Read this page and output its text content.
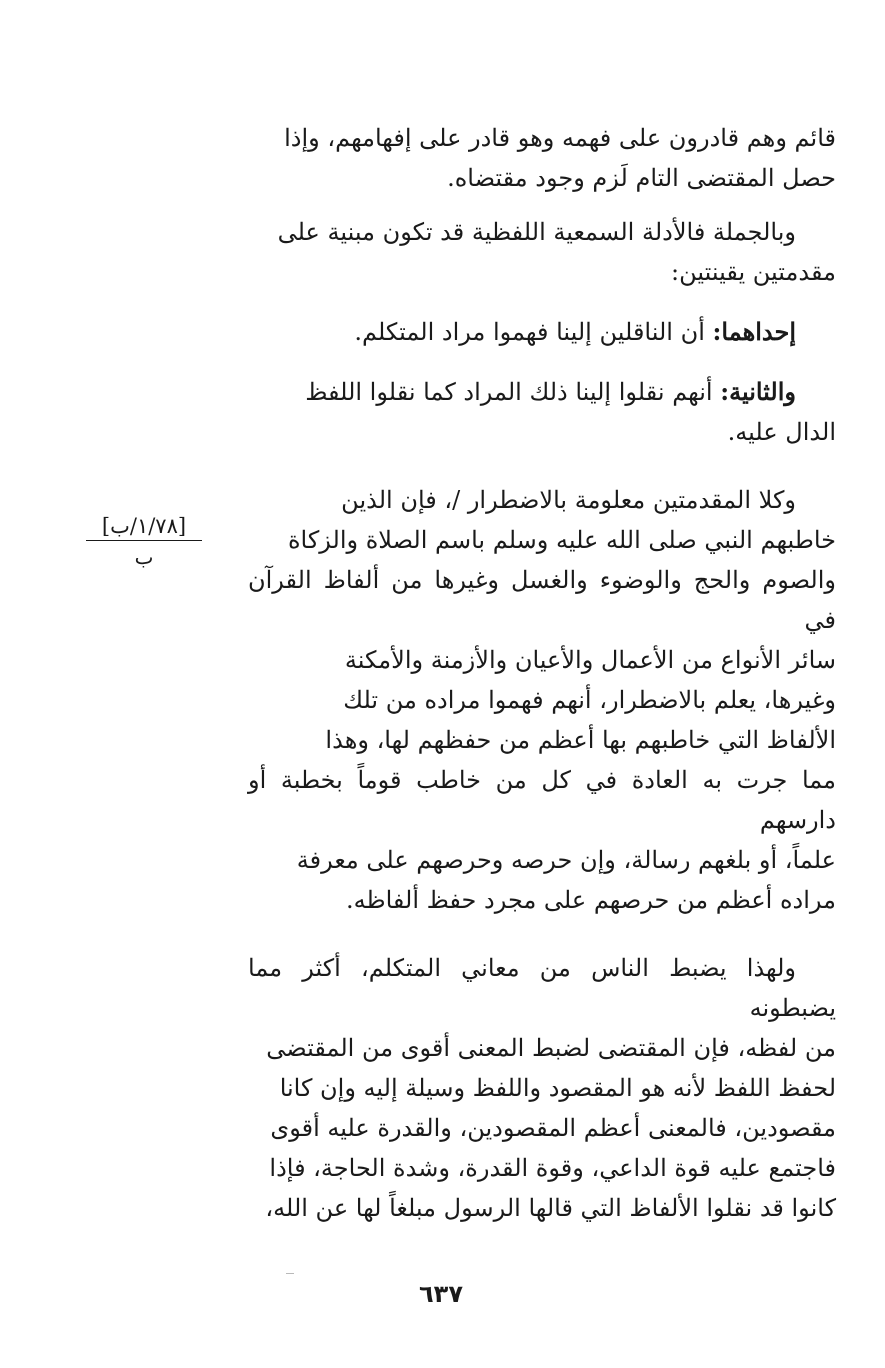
قائم وهم قادرون على فهمه وهو قادر على إفهامهم، وإذا
حصل المقتضى التام لَزم وجود مقتضاه.

وبالجملة فالأدلة السمعية اللفظية قد تكون مبنية على
مقدمتين يقينتين:

إحداهما: أن الناقلين إلينا فهموا مراد المتكلم.

والثانية: أنهم نقلوا إلينا ذلك المراد كما نقلوا اللفظ
الدال عليه.

وكلا المقدمتين معلومة بالاضطرار /، فإن الذين
خاطبهم النبي صلى الله عليه وسلم باسم الصلاة والزكاة
والصوم والحج والوضوء والغسل وغيرها من ألفاظ القرآن في
سائر الأنواع من الأعمال والأعيان والأزمنة والأمكنة
وغيرها، يعلم بالاضطرار، أنهم فهموا مراده من تلك
الألفاظ التي خاطبهم بها أعظم من حفظهم لها، وهذا
مما جرت به العادة في كل من خاطب قوماً بخطبة أو دارسهم
علماً، أو بلغهم رسالة، وإن حرصه وحرصهم على معرفة
مراده أعظم من حرصهم على مجرد حفظ ألفاظه.

ولهذا يضبط الناس من معاني المتكلم، أكثر مما يضبطونه
من لفظه، فإن المقتضى لضبط المعنى أقوى من المقتضى
لحفظ اللفظ لأنه هو المقصود واللفظ وسيلة إليه وإن كانا
مقصودين، فالمعنى أعظم المقصودين، والقدرة عليه أقوى
فاجتمع عليه قوة الداعي، وقوة القدرة، وشدة الحاجة، فإذا
كانوا قد نقلوا الألفاظ التي قالها الرسول مبلغاً لها عن الله،

[١/٧٨/ب]
ب
٦٣٧
